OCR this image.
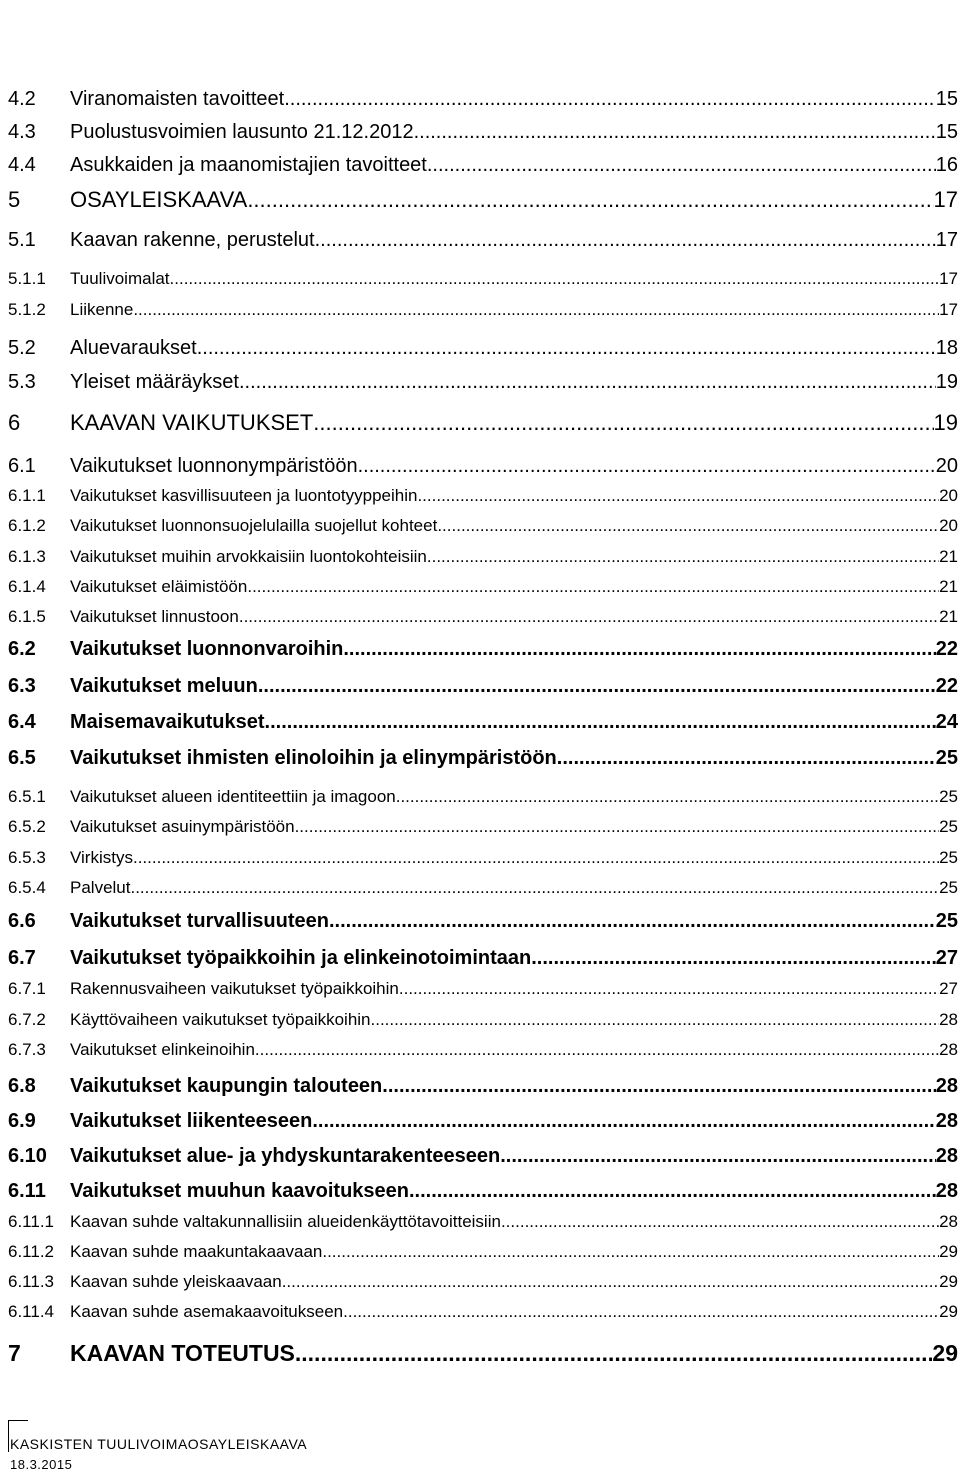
4.2	Viranomaisten tavoitteet .....	15
4.3	Puolustusvoimien lausunto 21.12.2012. .....	15
4.4	Asukkaiden ja maanomistajien tavoitteet .....	16
5	OSAYLEISKAAVA .....	17
5.1	Kaavan rakenne, perustelut .....	17
5.1.1	Tuulivoimalat .....	17
5.1.2	Liikenne .....	17
5.2	Aluevaraukset .....	18
5.3	Yleiset määräykset .....	19
6	KAAVAN VAIKUTUKSET .....	19
6.1	Vaikutukset luonnonympäristöön .....	20
6.1.1	Vaikutukset kasvillisuuteen ja luontotyyppeihin .....	20
6.1.2	Vaikutukset luonnonsuojelulailla suojellut kohteet .....	20
6.1.3	Vaikutukset muihin arvokkaisiin luontokohteisiin .....	21
6.1.4	Vaikutukset eläimistöön .....	21
6.1.5	Vaikutukset linnustoon .....	21
6.2	Vaikutukset luonnonvaroihin .....	22
6.3	Vaikutukset meluun .....	22
6.4	Maisemavaikutukset .....	24
6.5	Vaikutukset ihmisten elinoloihin ja elinympäristöön .....	25
6.5.1	Vaikutukset alueen identiteettiin ja imagoon .....	25
6.5.2	Vaikutukset asuinympäristöön .....	25
6.5.3	Virkistys .....	25
6.5.4	Palvelut .....	25
6.6	Vaikutukset turvallisuuteen .....	25
6.7	Vaikutukset työpaikkoihin ja elinkeinotoimintaan .....	27
6.7.1	Rakennusvaiheen vaikutukset työpaikkoihin .....	27
6.7.2	Käyttövaiheen vaikutukset työpaikkoihin .....	28
6.7.3	Vaikutukset elinkeinoihin .....	28
6.8	Vaikutukset kaupungin talouteen .....	28
6.9	Vaikutukset liikenteeseen .....	28
6.10	Vaikutukset alue- ja yhdyskuntarakenteeseen .....	28
6.11	Vaikutukset muuhun kaavoitukseen .....	28
6.11.1 Kaavan suhde valtakunnallisiin alueidenkäyttötavoitteisiin .....	28
6.11.2 Kaavan suhde maakuntakaavaan .....	29
6.11.3 Kaavan suhde yleiskaavaan .....	29
6.11.4 Kaavan suhde asemakaavoitukseen .....	29
7	KAAVAN TOTEUTUS .....	29
KASKISTEN TUULIVOIMAOSAYLEISKAAVA
18.3.2015
